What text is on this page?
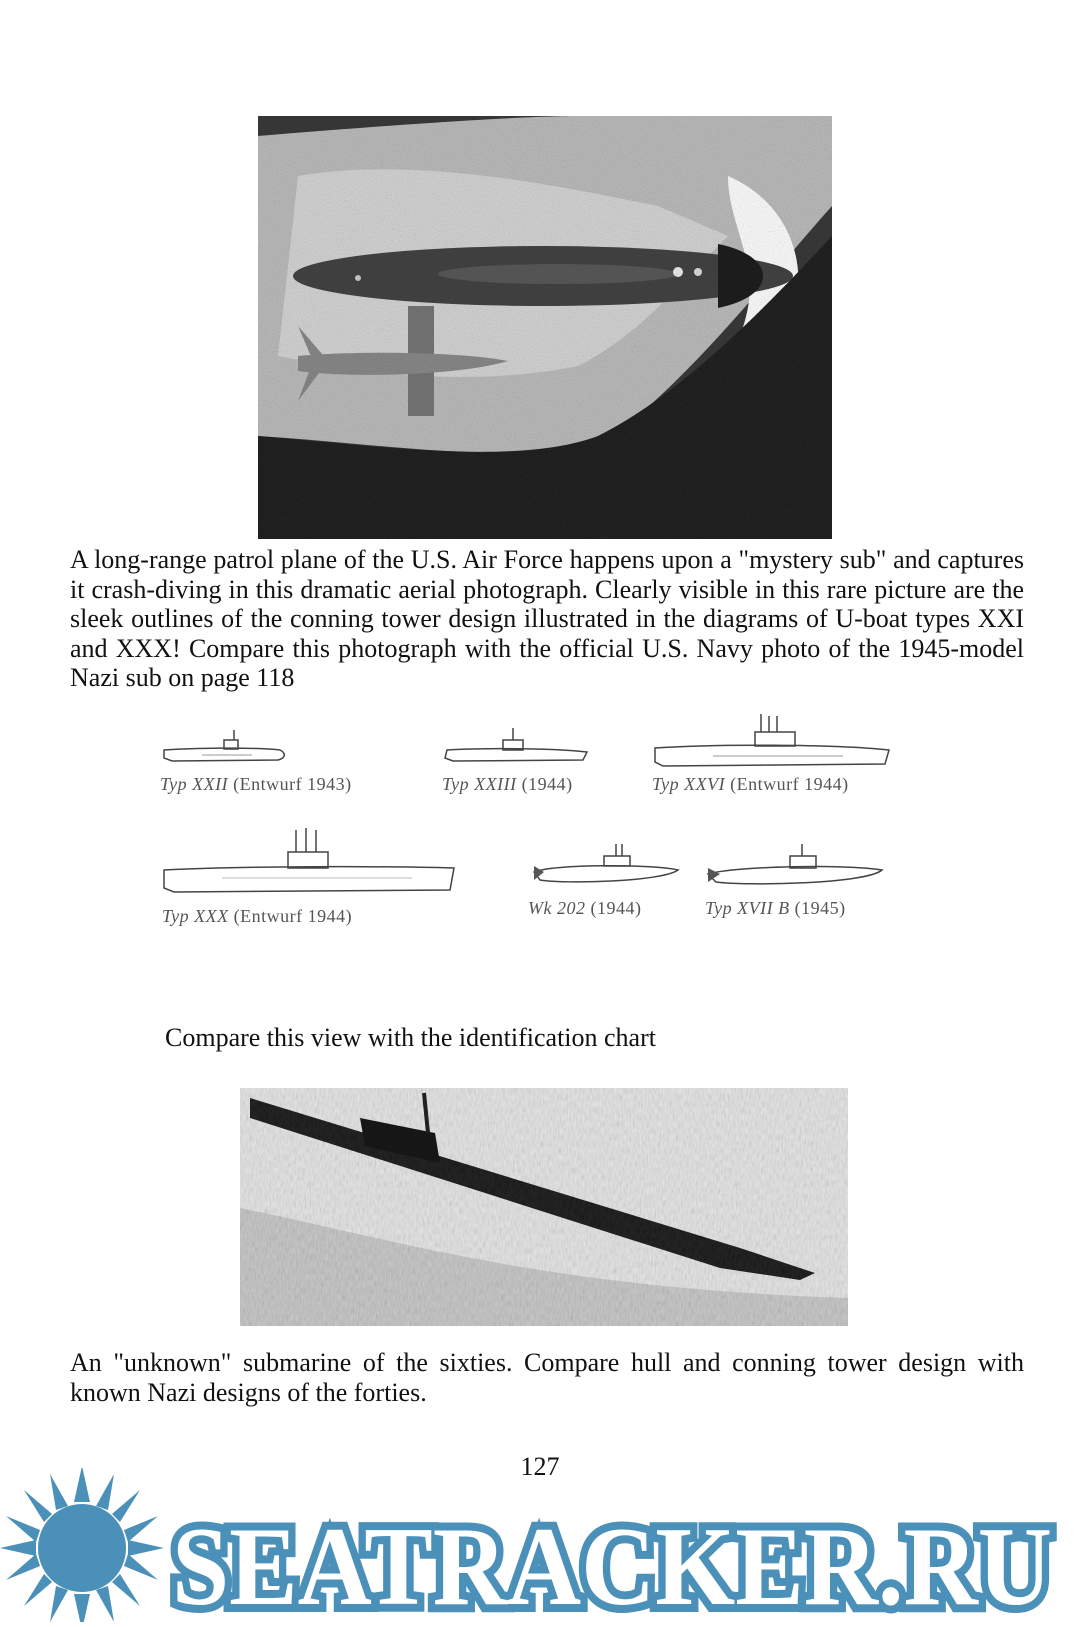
A long-range patrol plane of the U.S. Air Force happens upon a "mystery sub" and captures it crash-diving in this dramatic aerial photograph. Clearly visible in this rare picture are the sleek outlines of the conning tower design illustrated in the diagrams of U-boat types XXI and XXX! Compare this photograph with the official U.S. Navy photo of the 1945-model Nazi sub on page 118

Typ XXII (Entwurf 1943)	Typ XXIII (1944)	Typ XXVI (Entwurf 1944)
Typ XXX (Entwurf 1944)	Wk 202 (1944)	Typ XVII B (1945)
Compare this view with the identification chart

An "unknown" submarine of the sixties. Compare hull and conning tower design with known Nazi designs of the forties.

127
SEATRACKER.RU
